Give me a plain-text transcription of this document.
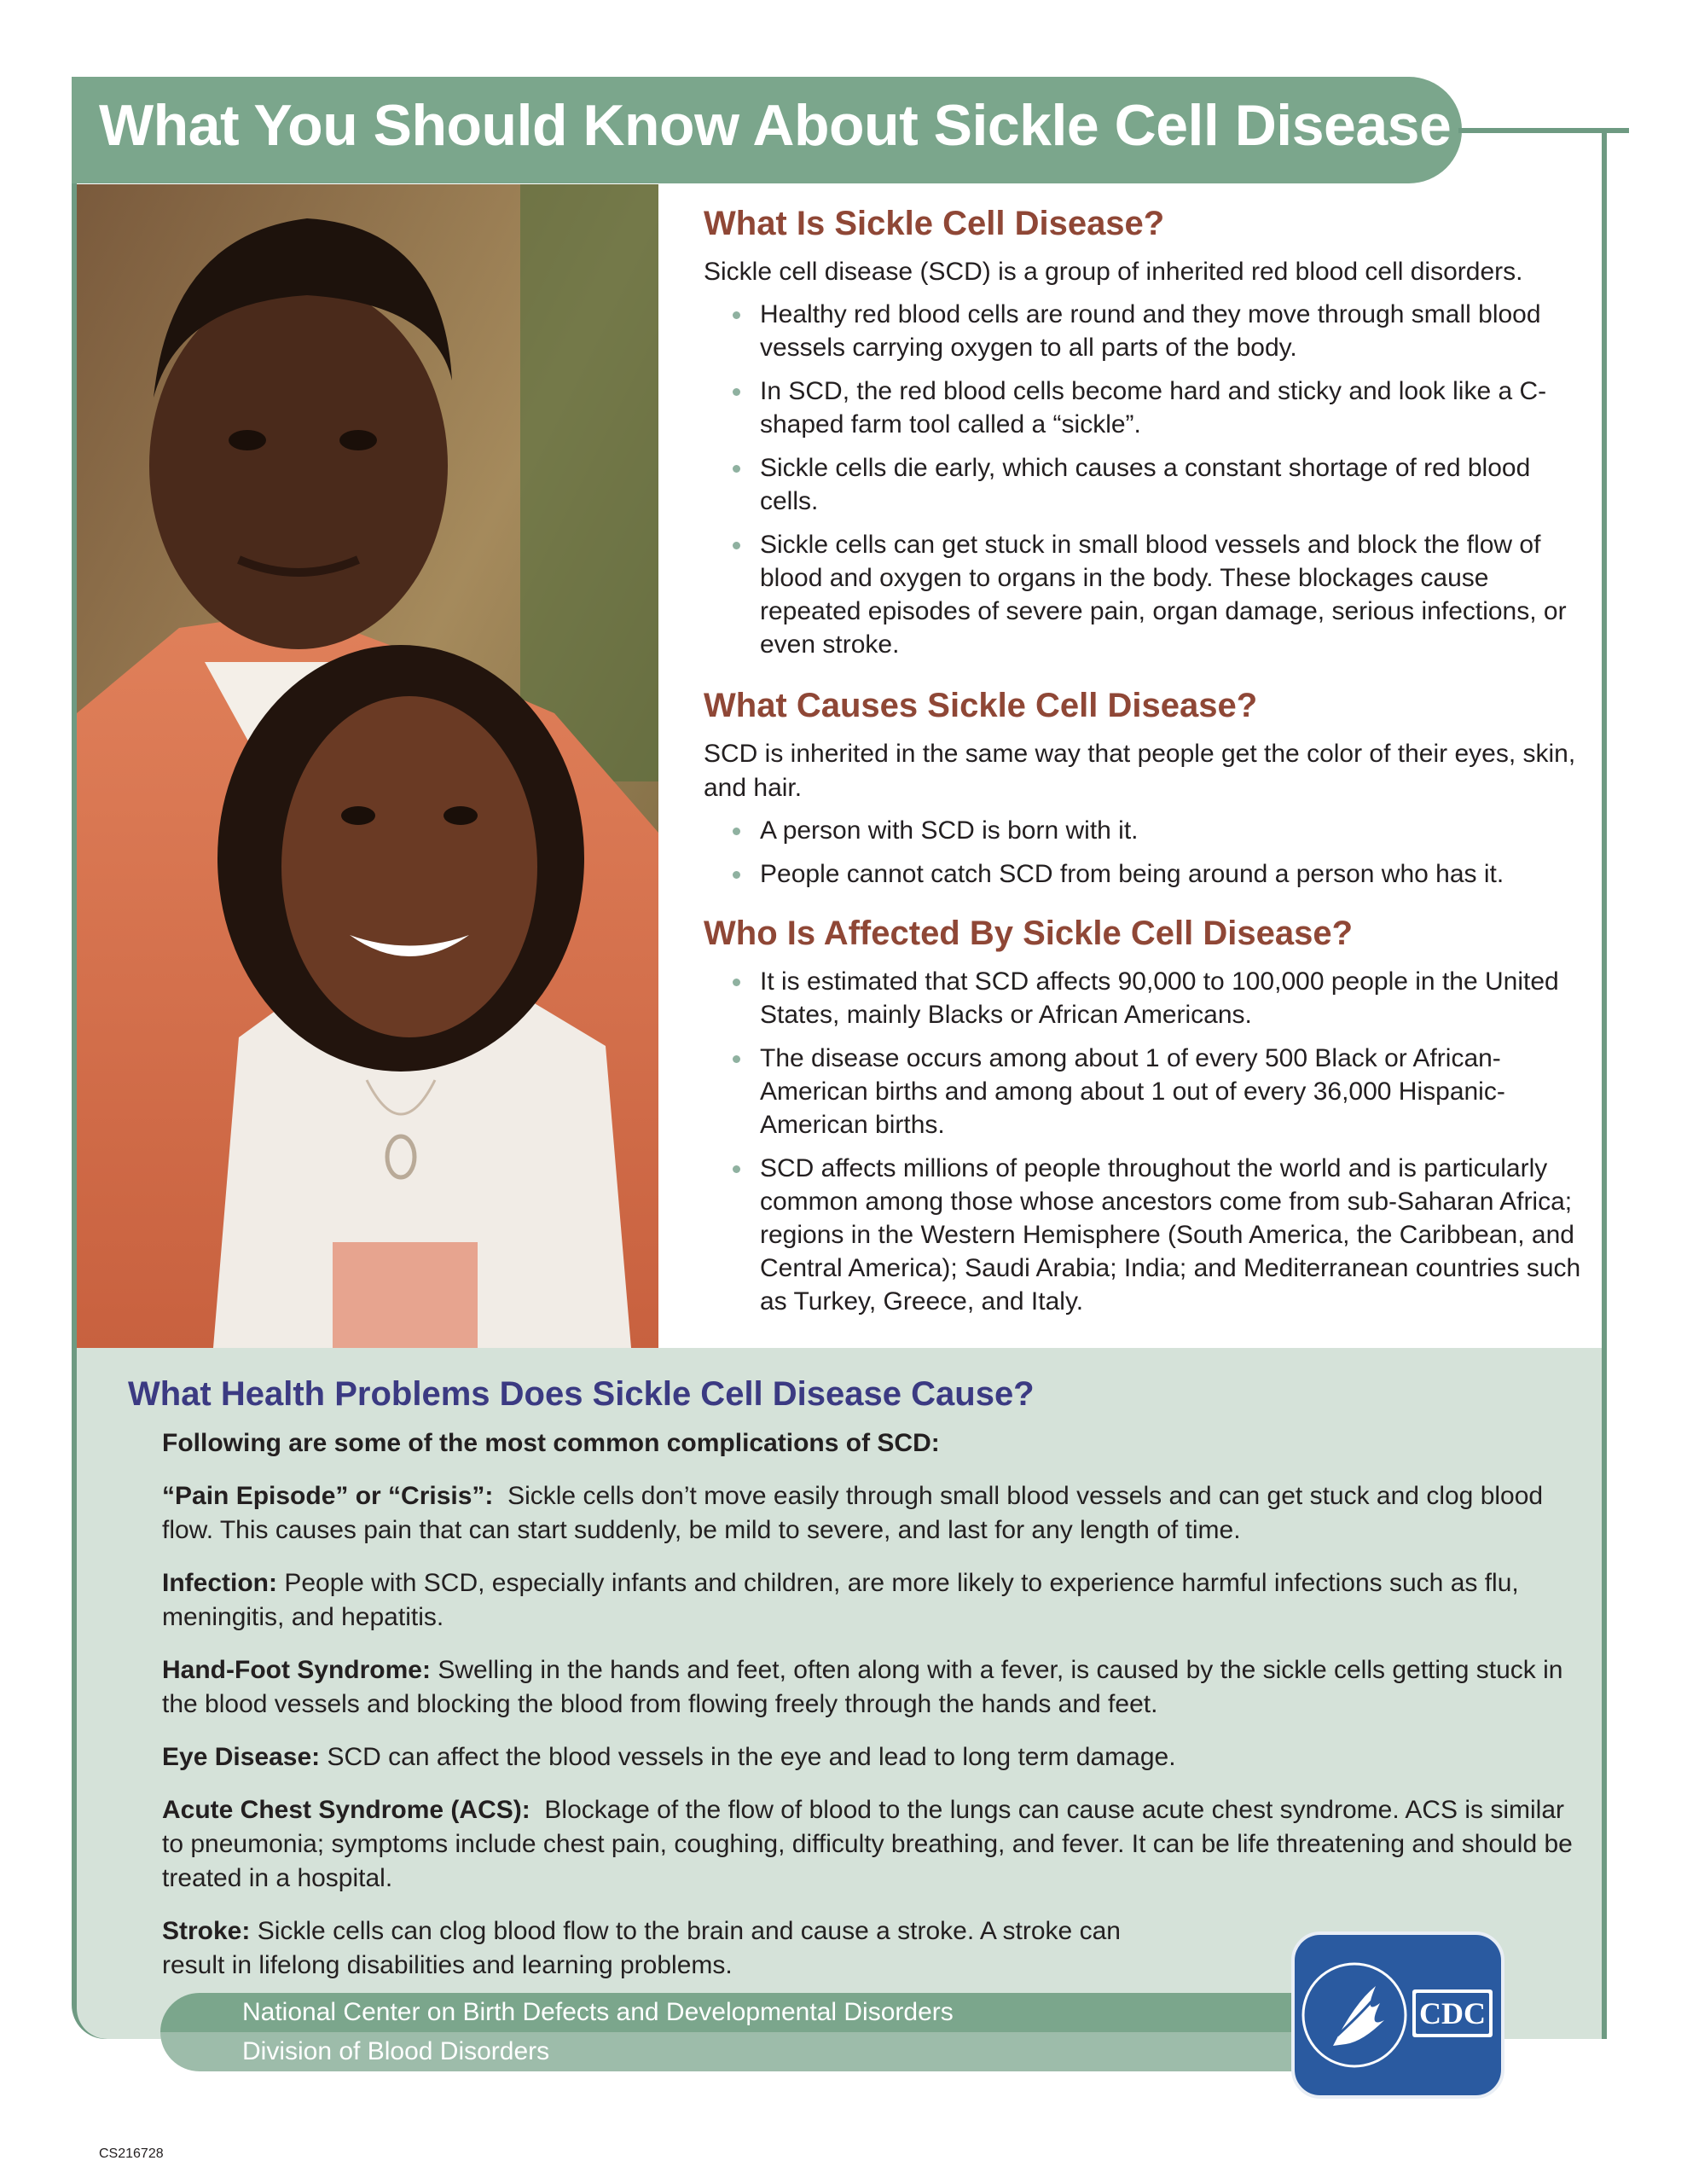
What You Should Know About Sickle Cell Disease
What Is Sickle Cell Disease?

Sickle cell disease (SCD) is a group of inherited red blood cell disorders.

Healthy red blood cells are round and they move through small blood vessels carrying oxygen to all parts of the body.
In SCD, the red blood cells become hard and sticky and look like a C-shaped farm tool called a “sickle”.
Sickle cells die early, which causes a constant shortage of red blood cells.
Sickle cells can get stuck in small blood vessels and block the flow of blood and oxygen to organs in the body. These blockages cause repeated episodes of severe pain, organ damage, serious infections, or even stroke.
What Causes Sickle Cell Disease?

SCD is inherited in the same way that people get the color of their eyes, skin, and hair.

A person with SCD is born with it.
People cannot catch SCD from being around a person who has it.
Who Is Affected By Sickle Cell Disease?
It is estimated that SCD affects 90,000 to 100,000 people in the United States, mainly Blacks or African Americans.
The disease occurs among about 1 of every 500 Black or African-American births and among about 1 out of every 36,000 Hispanic-American births.
SCD affects millions of people throughout the world and is particularly common among those whose ancestors come from sub-Saharan Africa; regions in the Western Hemisphere (South America, the Caribbean, and Central America); Saudi Arabia; India; and Mediterranean countries such as Turkey, Greece, and Italy.
What Health Problems Does Sickle Cell Disease Cause?

Following are some of the most common complications of SCD:

“Pain Episode” or “Crisis”: Sickle cells don’t move easily through small blood vessels and can get stuck and clog blood flow. This causes pain that can start suddenly, be mild to severe, and last for any length of time.

Infection: People with SCD, especially infants and children, are more likely to experience harmful infections such as flu, meningitis, and hepatitis.

Hand-Foot Syndrome: Swelling in the hands and feet, often along with a fever, is caused by the sickle cells getting stuck in the blood vessels and blocking the blood from flowing freely through the hands and feet.

Eye Disease: SCD can affect the blood vessels in the eye and lead to long term damage.

Acute Chest Syndrome (ACS): Blockage of the flow of blood to the lungs can cause acute chest syndrome. ACS is similar to pneumonia; symptoms include chest pain, coughing, difficulty breathing, and fever. It can be life threatening and should be treated in a hospital.

Stroke: Sickle cells can clog blood flow to the brain and cause a stroke. A stroke can result in lifelong disabilities and learning problems.

National Center on Birth Defects and Developmental Disorders
Division of Blood Disorders
CDC
CS216728
